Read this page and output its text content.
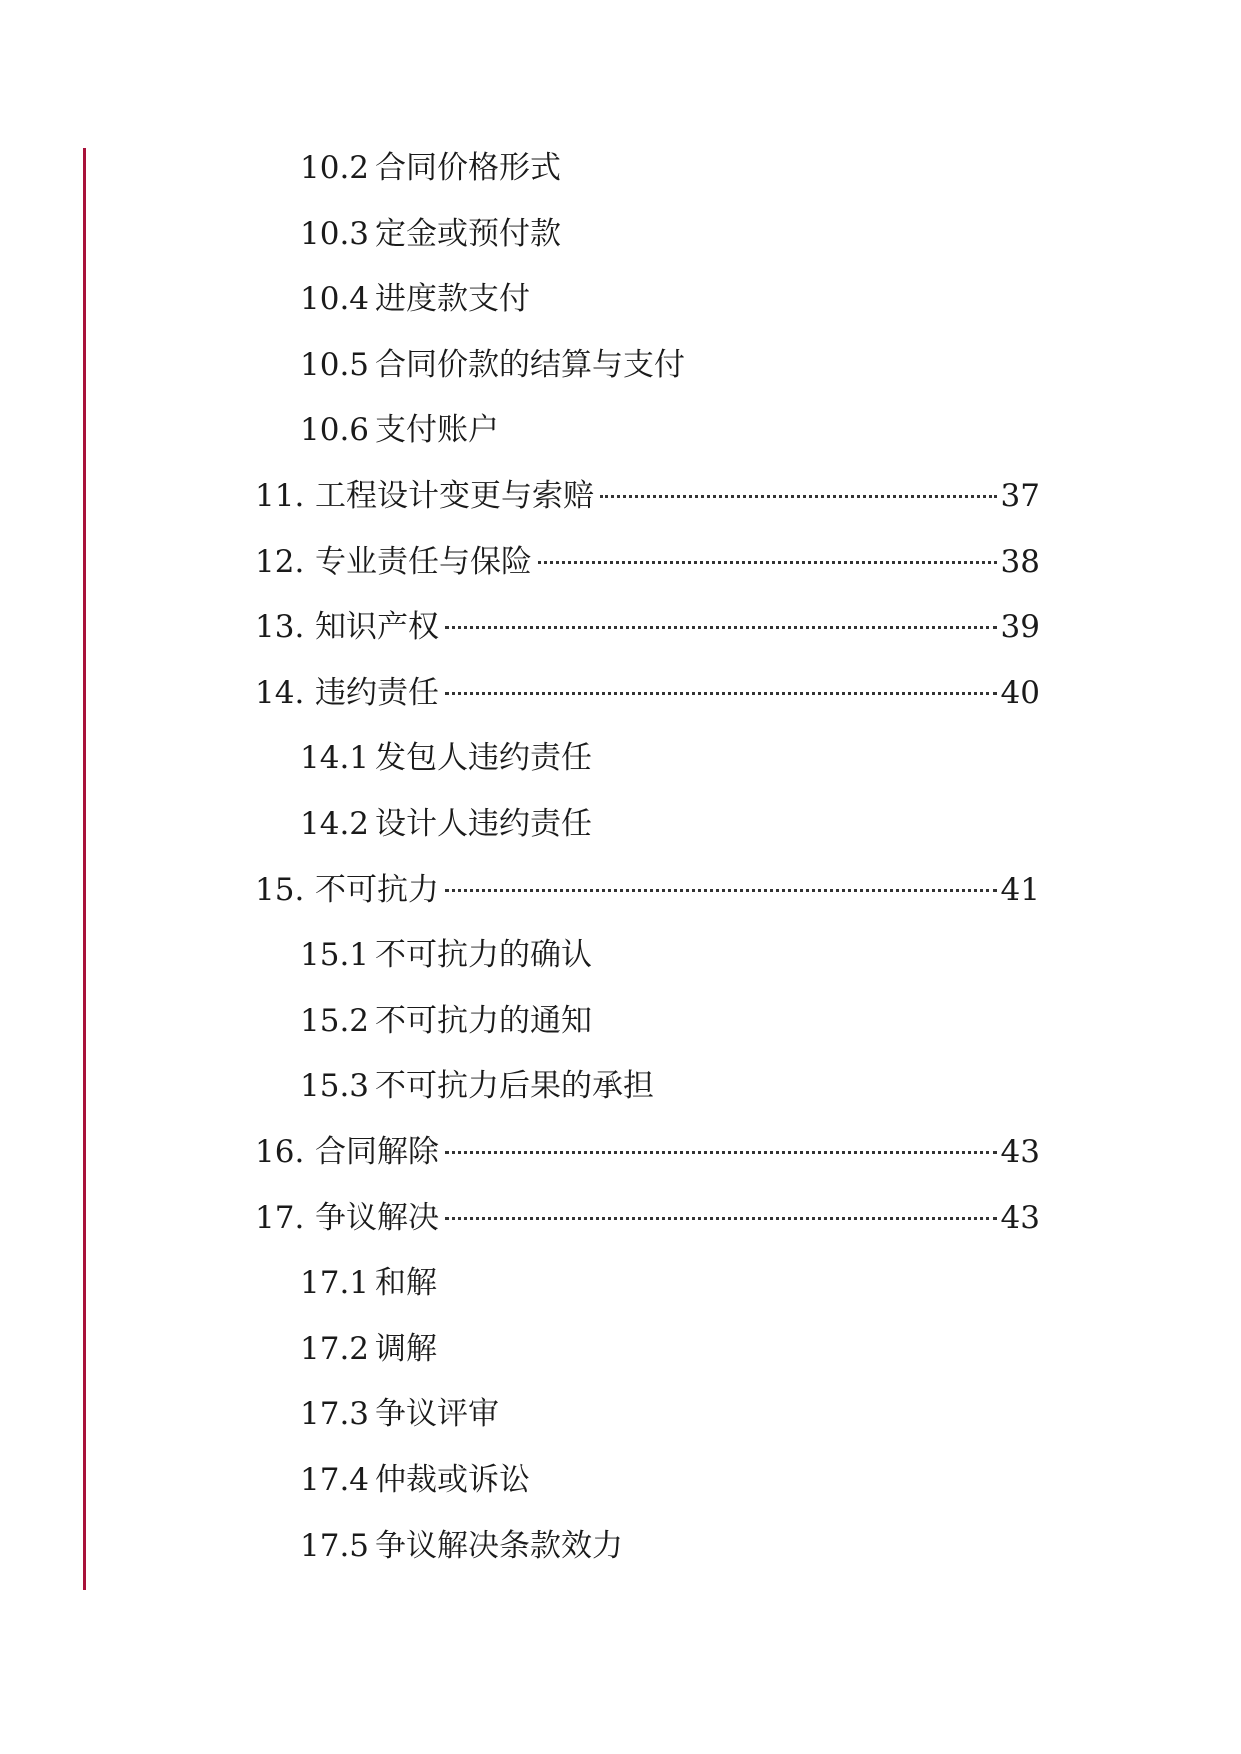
10.2 合同价格形式
10.3 定金或预付款
10.4 进度款支付
10.5 合同价款的结算与支付
10.6 支付账户
11. 工程设计变更与索赔	37
12. 专业责任与保险	38
13. 知识产权	39
14. 违约责任	40
14.1 发包人违约责任
14.2 设计人违约责任
15. 不可抗力	41
15.1 不可抗力的确认
15.2 不可抗力的通知
15.3 不可抗力后果的承担
16. 合同解除	43
17. 争议解决	43
17.1 和解
17.2 调解
17.3 争议评审
17.4 仲裁或诉讼
17.5 争议解决条款效力
